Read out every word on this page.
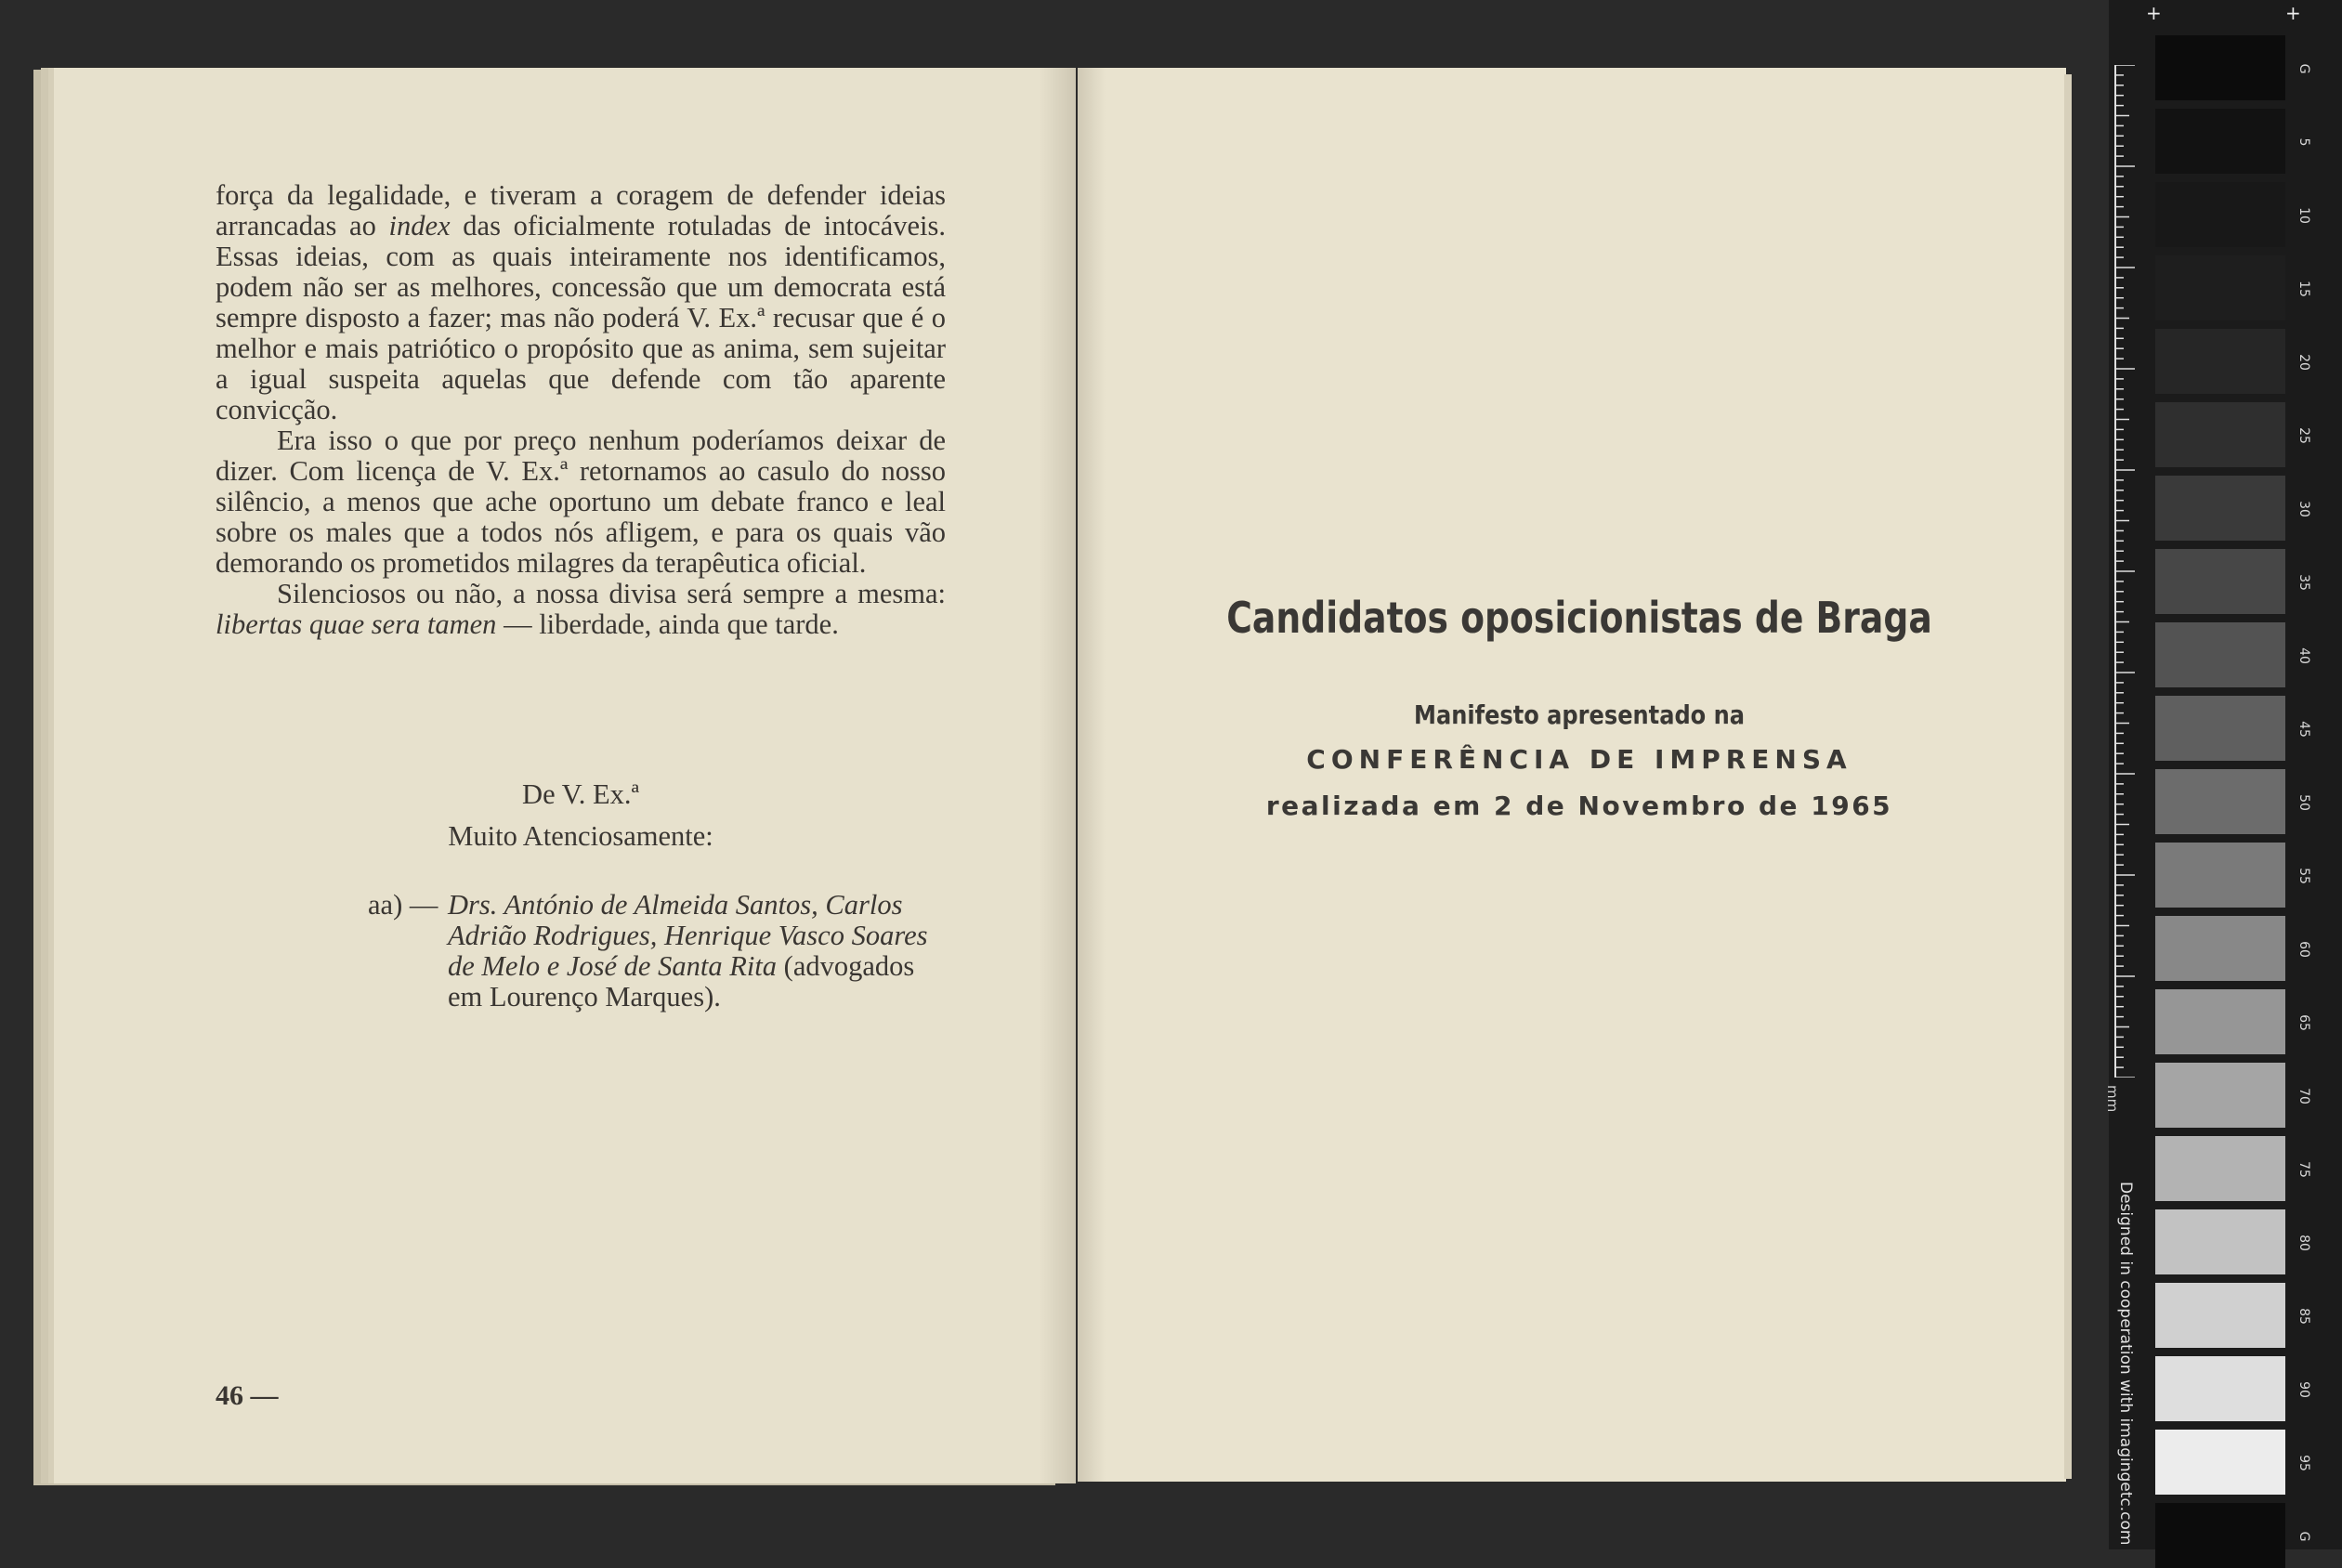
força da legalidade, e tiveram a coragem de defender ideias arrancadas ao index das oficialmente rotuladas de intocáveis. Essas ideias, com as quais inteiramente nos identificamos, podem não ser as melhores, concessão que um democrata está sempre disposto a fazer; mas não poderá V. Ex.ª recusar que é o melhor e mais patriótico o propósito que as anima, sem sujeitar a igual suspeita aquelas que defende com tão aparente convicção.

Era isso o que por preço nenhum poderíamos deixar de dizer. Com licença de V. Ex.ª retornamos ao casulo do nosso silêncio, a menos que ache oportuno um debate franco e leal sobre os males que a todos nós afligem, e para os quais vão demorando os prometidos milagres da terapêutica oficial.

Silenciosos ou não, a nossa divisa será sempre a mesma: libertas quae sera tamen — liberdade, ainda que tarde.

De V. Ex.ª
Muito Atenciosamente:
aa) — Drs. António de Almeida Santos, Carlos Adrião Rodrigues, Henrique Vasco Soares de Melo e José de Santa Rita (advogados em Lourenço Marques).
46 —
Candidatos oposicionistas de Braga
Manifesto apresentado na
CONFERÊNCIA DE IMPRENSA
realizada em 2 de Novembro de 1965
+	+
mm
Designed in cooperation with imagingetc.com
G
5
10
15
20
25
30
35
40
45
50
55
60
65
70
75
80
85
90
95
G
